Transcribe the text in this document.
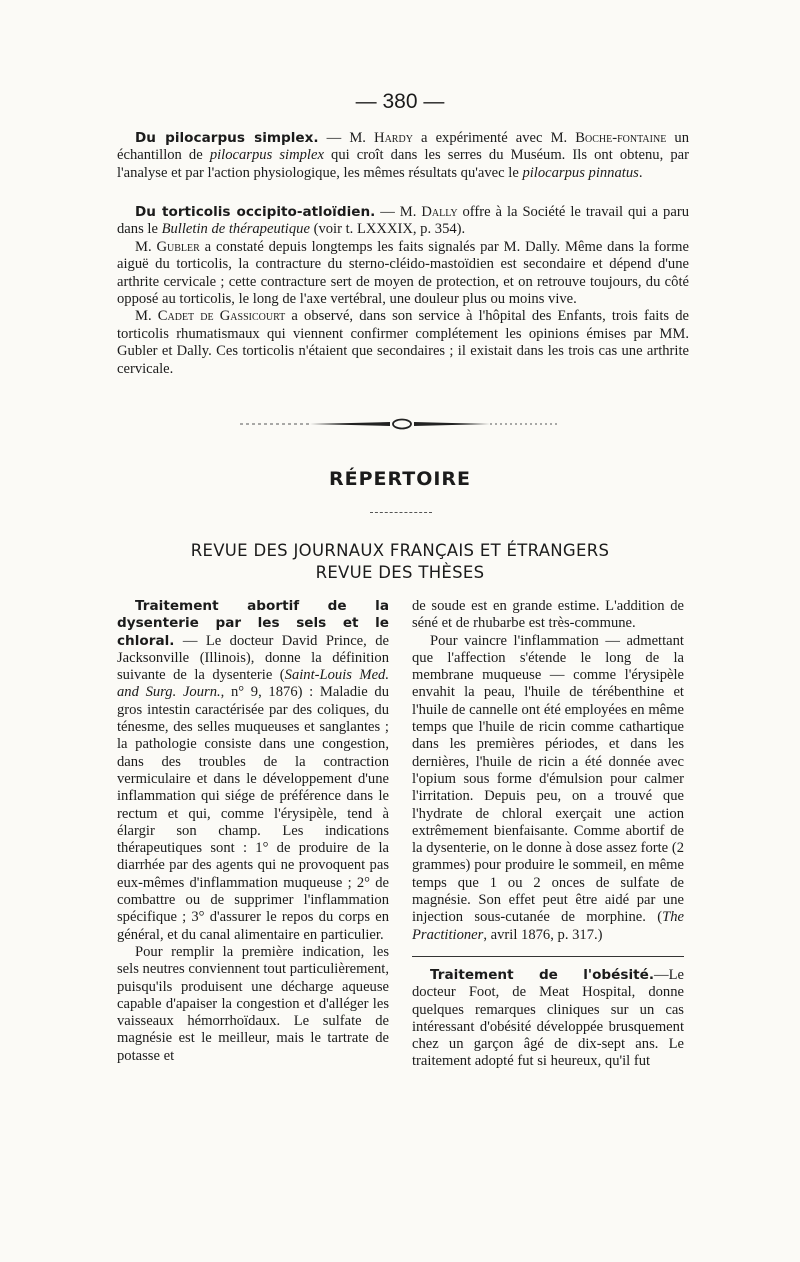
— 380 —

Du pilocarpus simplex. — M. Hardy a expérimenté avec M. Boche-fontaine un échantillon de pilocarpus simplex qui croît dans les serres du Muséum. Ils ont obtenu, par l'analyse et par l'action physiologique, les mêmes résultats qu'avec le pilocarpus pinnatus.

Du torticolis occipito-atloïdien. — M. Dally offre à la Société le travail qui a paru dans le Bulletin de thérapeutique (voir t. LXXXIX, p. 354).

M. Gubler a constaté depuis longtemps les faits signalés par M. Dally. Même dans la forme aiguë du torticolis, la contracture du sterno-cléido-mastoïdien est secondaire et dépend d'une arthrite cervicale ; cette contracture sert de moyen de protection, et on retrouve toujours, du côté opposé au torticolis, le long de l'axe vertébral, une douleur plus ou moins vive.

M. Cadet de Gassicourt a observé, dans son service à l'hôpital des Enfants, trois faits de torticolis rhumatismaux qui viennent confirmer complétement les opinions émises par MM. Gubler et Dally. Ces torticolis n'étaient que secondaires ; il existait dans les trois cas une arthrite cervicale.

RÉPERTOIRE
REVUE DES JOURNAUX FRANÇAIS ET ÉTRANGERS
REVUE DES THÈSES

Traitement abortif de la dysenterie par les sels et le chloral. — Le docteur David Prince, de Jacksonville (Illinois), donne la définition suivante de la dysenterie (Saint-Louis Med. and Surg. Journ., n° 9, 1876) : Maladie du gros intestin caractérisée par des coliques, du ténesme, des selles muqueuses et sanglantes ; la pathologie consiste dans une congestion, dans des troubles de la contraction vermiculaire et dans le développement d'une inflammation qui siége de préférence dans le rectum et qui, comme l'érysipèle, tend à élargir son champ. Les indications thérapeutiques sont : 1° de produire de la diarrhée par des agents qui ne provoquent pas eux-mêmes d'inflammation muqueuse ; 2° de combattre ou de supprimer l'inflammation spécifique ; 3° d'assurer le repos du corps en général, et du canal alimentaire en particulier.

Pour remplir la première indication, les sels neutres conviennent tout particulièrement, puisqu'ils produisent une décharge aqueuse capable d'apaiser la congestion et d'alléger les vaisseaux hémorrhoïdaux. Le sulfate de magnésie est le meilleur, mais le tartrate de potasse et

de soude est en grande estime. L'addition de séné et de rhubarbe est très-commune.

Pour vaincre l'inflammation — admettant que l'affection s'étende le long de la membrane muqueuse — comme l'érysipèle envahit la peau, l'huile de térébenthine et l'huile de cannelle ont été employées en même temps que l'huile de ricin comme cathartique dans les premières périodes, et dans les dernières, l'huile de ricin a été donnée avec l'opium sous forme d'émulsion pour calmer l'irritation. Depuis peu, on a trouvé que l'hydrate de chloral exerçait une action extrêmement bienfaisante. Comme abortif de la dysenterie, on le donne à dose assez forte (2 grammes) pour produire le sommeil, en même temps que 1 ou 2 onces de sulfate de magnésie. Son effet peut être aidé par une injection sous-cutanée de morphine. (The Practitioner, avril 1876, p. 317.)

Traitement de l'obésité.—Le docteur Foot, de Meat Hospital, donne quelques remarques cliniques sur un cas intéressant d'obésité développée brusquement chez un garçon âgé de dix-sept ans. Le traitement adopté fut si heureux, qu'il fut
